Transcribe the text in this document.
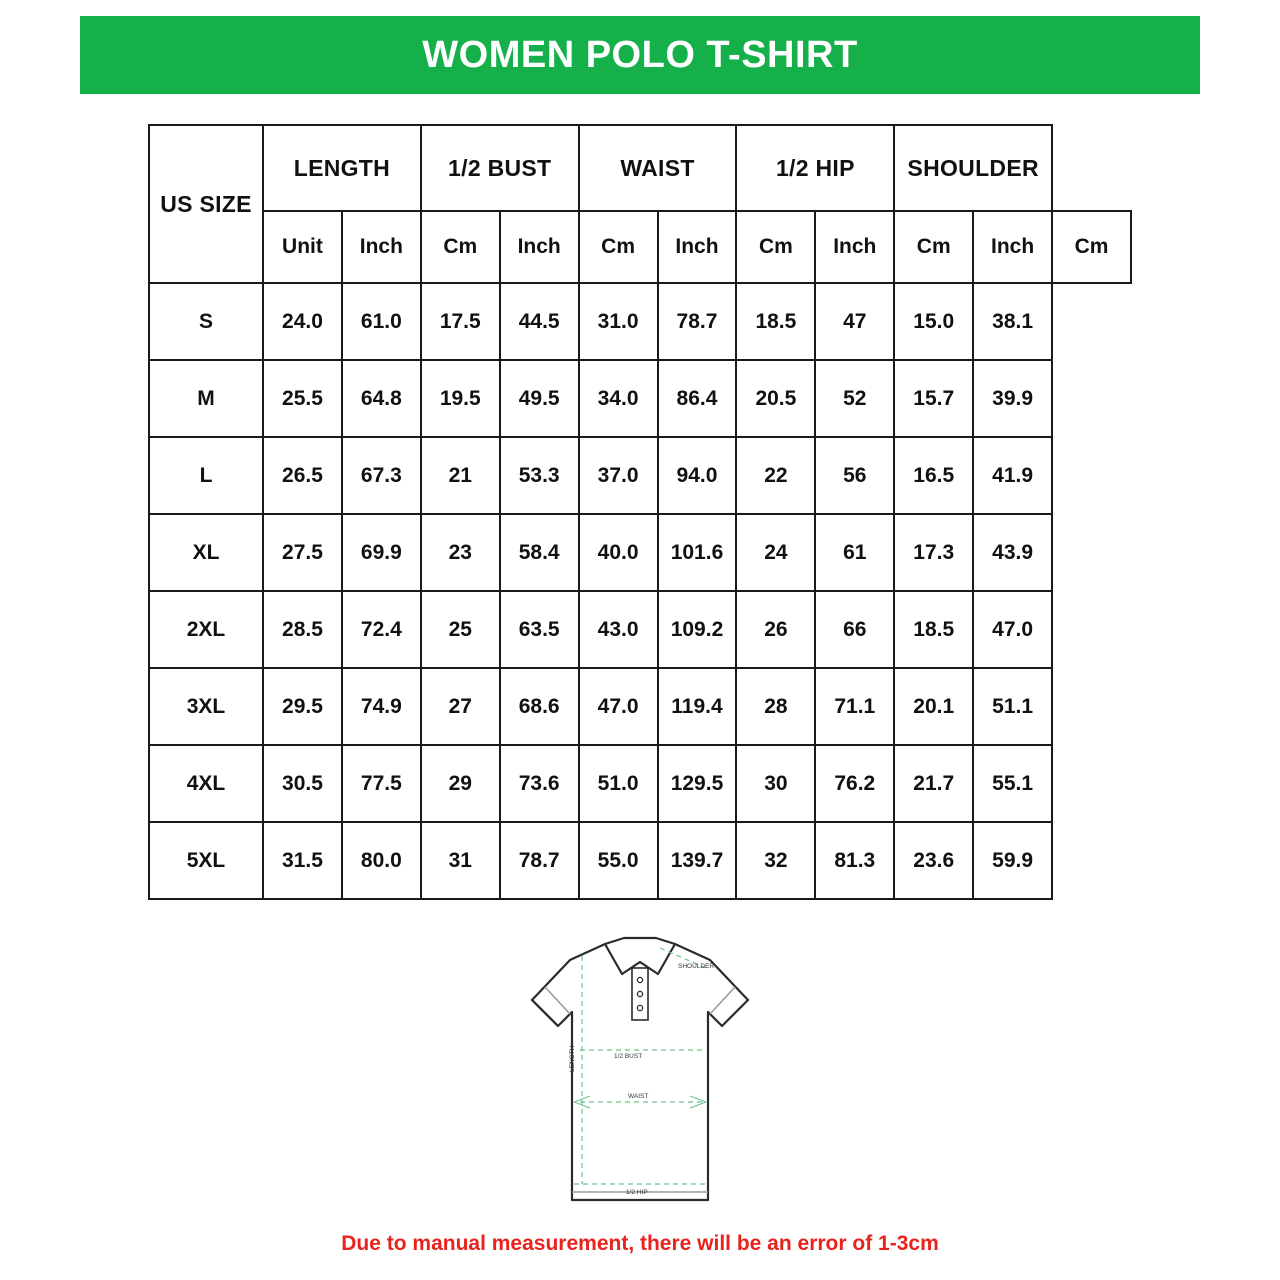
WOMEN POLO T-SHIRT
US SIZE	LENGTH		1/2 BUST		WAIST		1/2 HIP		SHOULDER		
	Unit	Inch	Cm	Inch	Cm	Inch	Cm	Inch	Cm	Inch	Cm
S	24.0	61.0	17.5	44.5	31.0	78.7	18.5	47	15.0	38.1	
M	25.5	64.8	19.5	49.5	34.0	86.4	20.5	52	15.7	39.9	
L	26.5	67.3	21	53.3	37.0	94.0	22	56	16.5	41.9	
XL	27.5	69.9	23	58.4	40.0	101.6	24	61	17.3	43.9	
2XL	28.5	72.4	25	63.5	43.0	109.2	26	66	18.5	47.0	
3XL	29.5	74.9	27	68.6	47.0	119.4	28	71.1	20.1	51.1	
4XL	30.5	77.5	29	73.6	51.0	129.5	30	76.2	21.7	55.1	
5XL	31.5	80.0	31	78.7	55.0	139.7	32	81.3	23.6	59.9	
SHOULDER
LENGTH	1/2 BUST
WAIST
1/2 HIP
Due to manual measurement, there will be an error of 1-3cm
